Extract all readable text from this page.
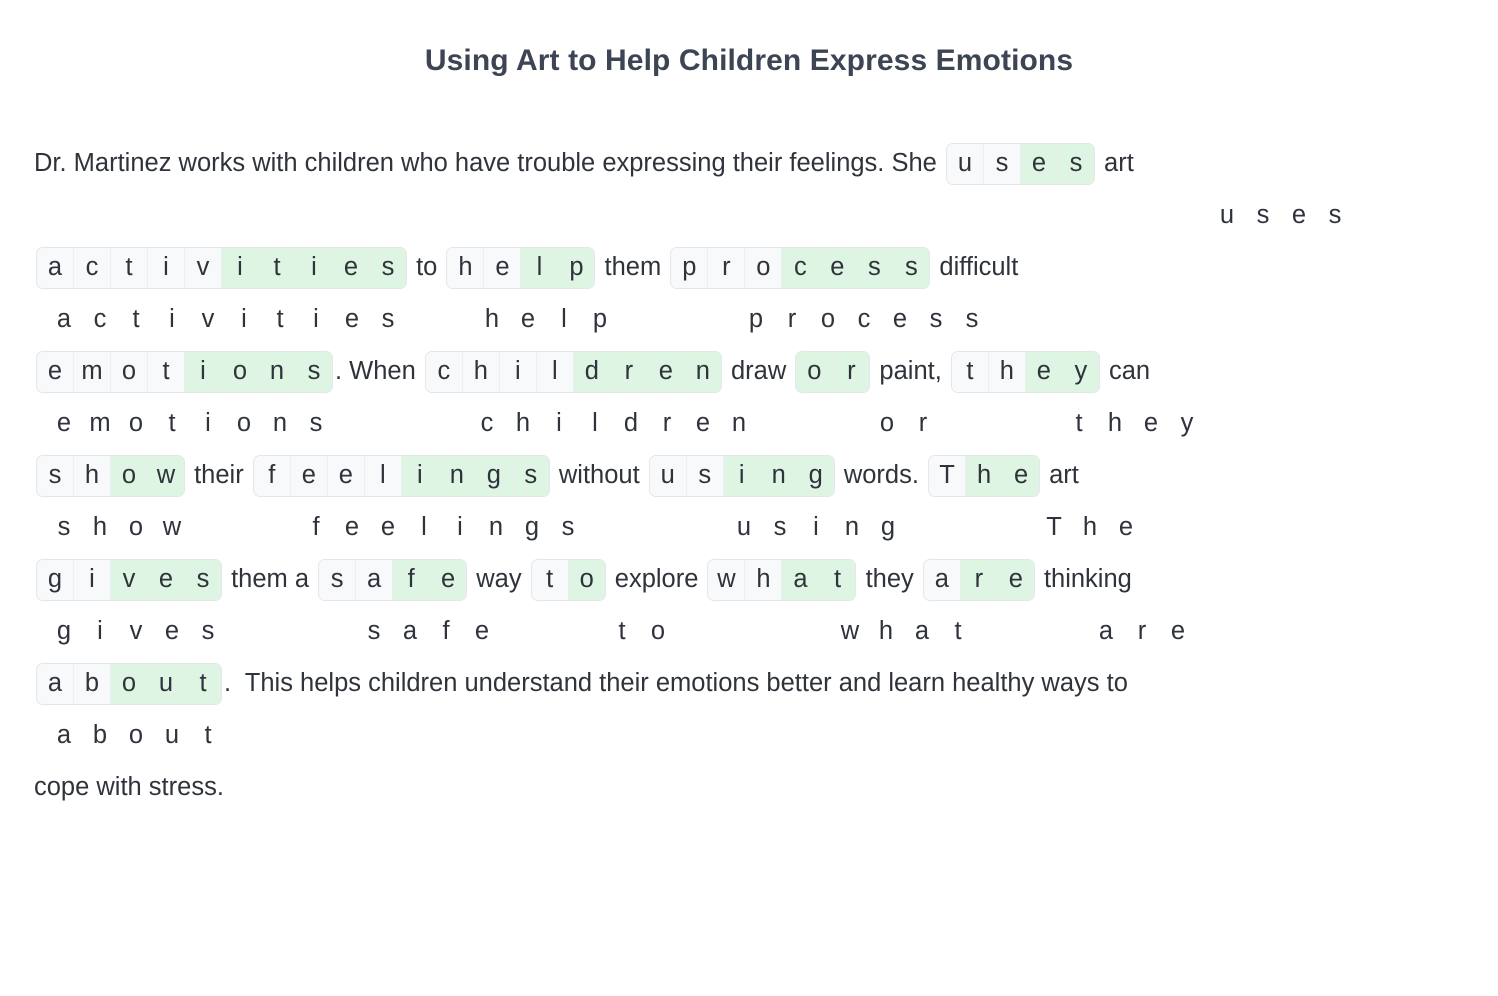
Using Art to Help Children Express Emotions
Dr. Martinez works with children who have trouble expressing their feelings. She u s e s art
u s e s
a c	t	i	v	i	t	i	e s to h e	l	p them p	r	o c e s s difficult
a c	t	i	v	i	t	i	e s	h e	l	p	p r o c e s s
e m o	t	i	o n s . When c h	i	l	d	r	e n draw o	r paint, t	h e y can
e m o t	i	o n s	c h	i	l	d r e n	o r	t h e y
s h o w their f	e e	l	i	n g s without u s	i	n g words. T h e art
s h o w	f e e	l	i	n g s	u s	i	n g	T h e
g	i	v e s them a s a	f	e way t	o explore w h a	t they a	r	e thinking
g	i	v e s	s a f e	t o	w h a t	a r e
a b o u	t .  This helps children understand their emotions better and learn healthy ways to
a b o u t
cope with stress.
